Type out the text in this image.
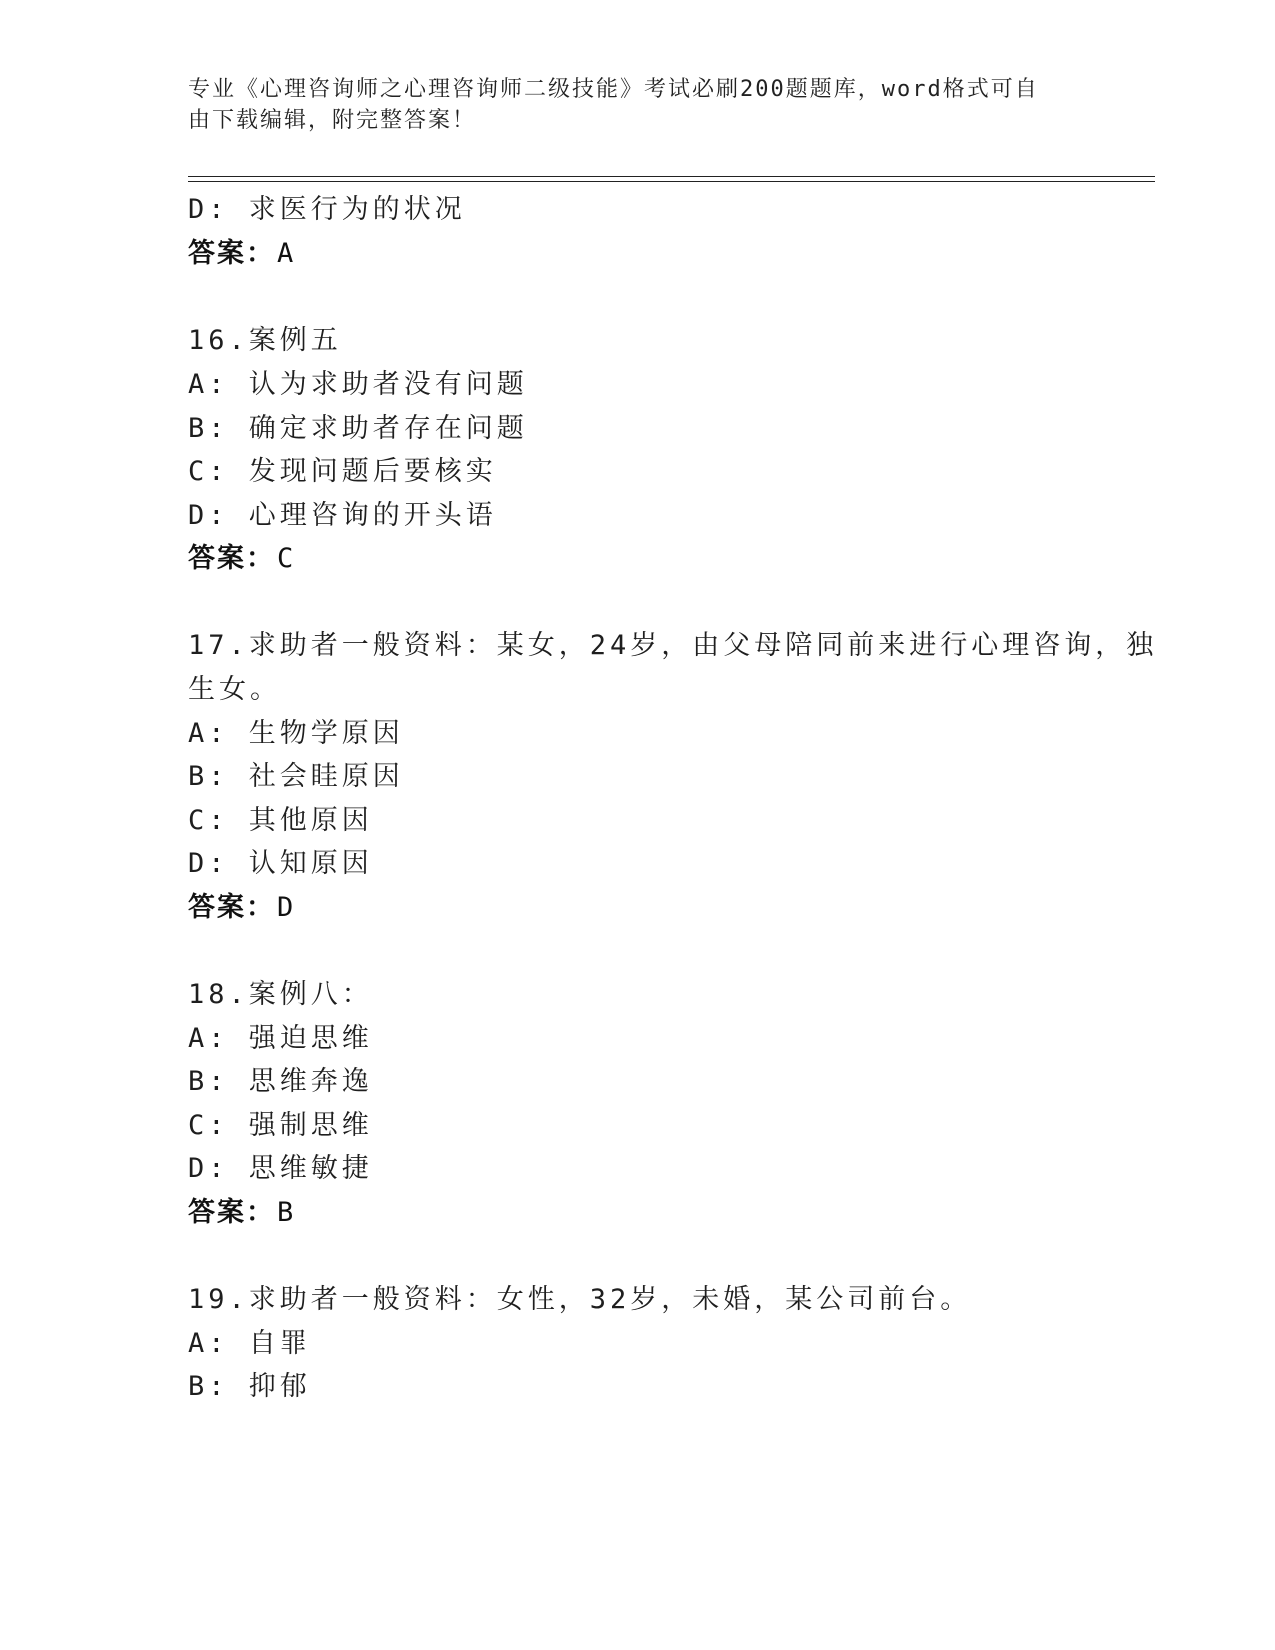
专业《心理咨询师之心理咨询师二级技能》考试必刷200题题库，word格式可自
由下载编辑，附完整答案！
D: 求医行为的状况
答案：A
16.案例五
A: 认为求助者没有问题
B: 确定求助者存在问题
C: 发现问题后要核实
D: 心理咨询的开头语
答案：C
17.求助者一般资料：某女，24岁，由父母陪同前来进行心理咨询，独
生女。
A: 生物学原因
B: 社会眭原因
C: 其他原因
D: 认知原因
答案：D
18.案例八：
A: 强迫思维
B: 思维奔逸
C: 强制思维
D: 思维敏捷
答案：B
19.求助者一般资料：女性，32岁，未婚，某公司前台。
A: 自罪
B: 抑郁
